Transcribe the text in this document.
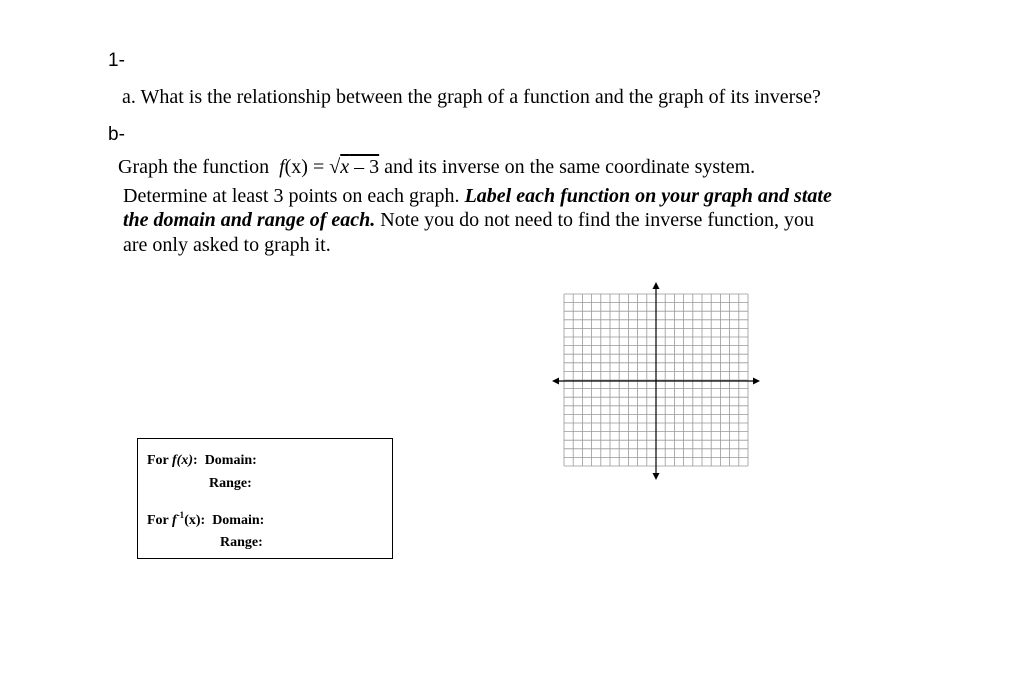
1-
a. What is the relationship between the graph of a function and the graph of its inverse?
b-
Graph the function f(x) = √x – 3 and its inverse on the same coordinate system.
Determine at least 3 points on each graph. Label each function on your graph and state
the domain and range of each. Note you do not need to find the inverse function, you
are only asked to graph it.
For f(x): Domain:
Range:
For $f^{-1}(x)$: Domain:
Range:
